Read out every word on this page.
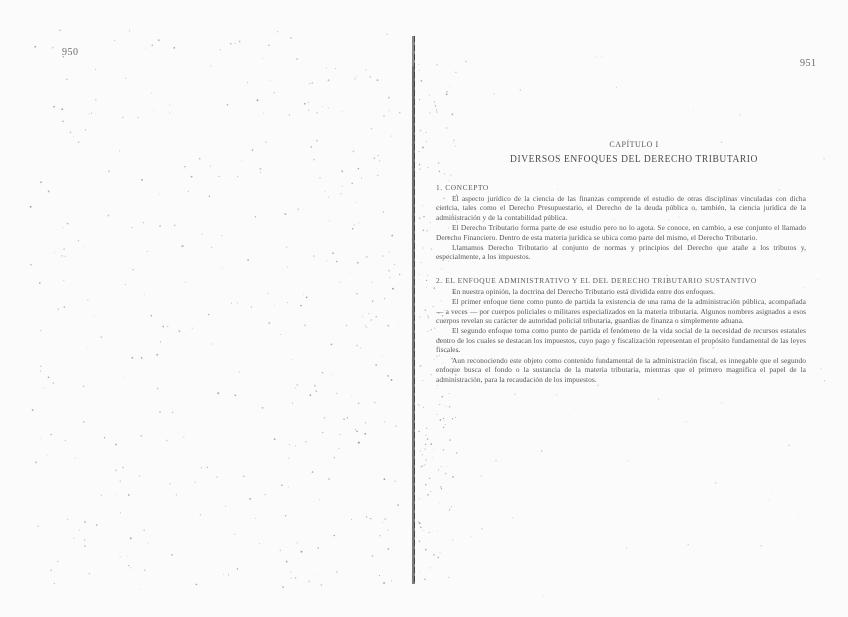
950
951
CAPÍTULO I
DIVERSOS ENFOQUES DEL DERECHO TRIBUTARIO
1. CONCEPTO

El aspecto jurídico de la ciencia de las finanzas comprende el estudio de otras disciplinas vinculadas con dicha ciencia, tales como el Derecho Presupuestario, el Derecho de la deuda pública o, también, la ciencia jurídica de la administración y de la contabilidad pública.

El Derecho Tributario forma parte de ese estudio pero no lo agota. Se conoce, en cambio, a ese conjunto el llamado Derecho Financiero. Dentro de esta materia jurídica se ubica como parte del mismo, el Derecho Tributario.

Llamamos Derecho Tributario al conjunto de normas y principios del Derecho que atañe a los tributos y, especialmente, a los impuestos.

2. EL ENFOQUE ADMINISTRATIVO Y EL DEL DERECHO TRIBUTARIO SUSTANTIVO

En nuestra opinión, la doctrina del Derecho Tributario está dividida entre dos enfoques.

El primer enfoque tiene como punto de partida la existencia de una rama de la administración pública, acompañada — a veces — por cuerpos policiales o militares especializados en la materia tributaria. Algunos nombres asignados a esos cuerpos revelan su carácter de autoridad policial tributaria, guardias de finanza o simplemente aduana.

El segundo enfoque toma como punto de partida el fenómeno de la vida social de la necesidad de recursos estatales dentro de los cuales se destacan los impuestos, cuyo pago y fiscalización representan el propósito fundamental de las leyes fiscales.

Aun reconociendo este objeto como contenido fundamental de la administración fiscal, es innegable que el segundo enfoque busca el fondo o la sustancia de la materia tributaria, mientras que el primero magnifica el papel de la administración, para la recaudación de los impuestos.
